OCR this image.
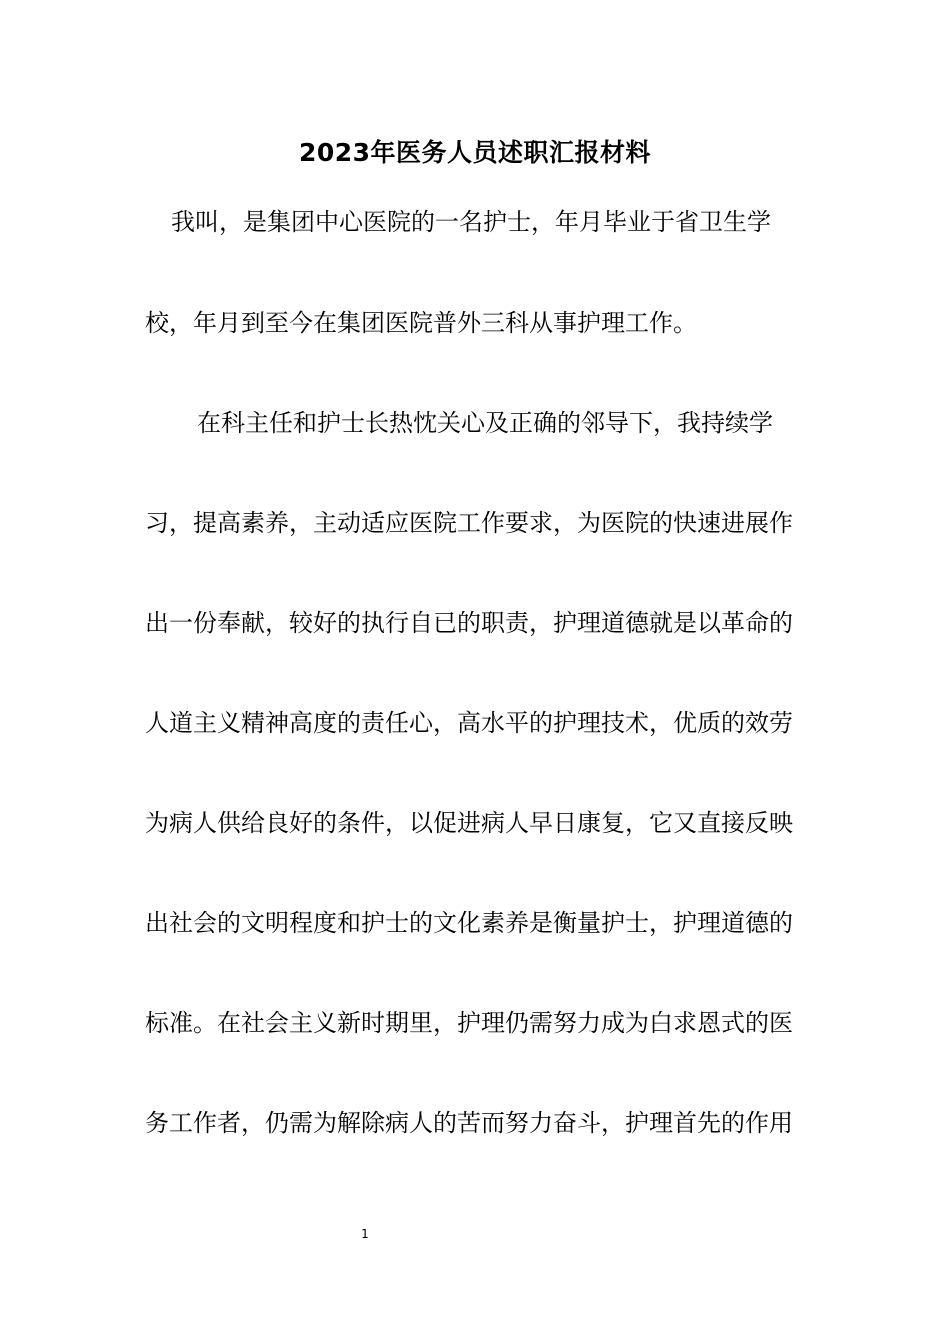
2023年医务人员述职汇报材料

我叫，是集团中心医院的一名护士，年月毕业于省卫生学

校，年月到至今在集团医院普外三科从事护理工作。

在科主任和护士长热忱关心及正确的邻导下，我持续学

习，提高素养，主动适应医院工作要求，为医院的快速进展作

出一份奉献，较好的执行自已的职责，护理道德就是以革命的

人道主义精神高度的责任心，高水平的护理技术，优质的效劳

为病人供给良好的条件，以促进病人早日康复，它又直接反映

出社会的文明程度和护士的文化素养是衡量护士，护理道德的

标准。在社会主义新时期里，护理仍需努力成为白求恩式的医

务工作者，仍需为解除病人的苦而努力奋斗，护理首先的作用

1
